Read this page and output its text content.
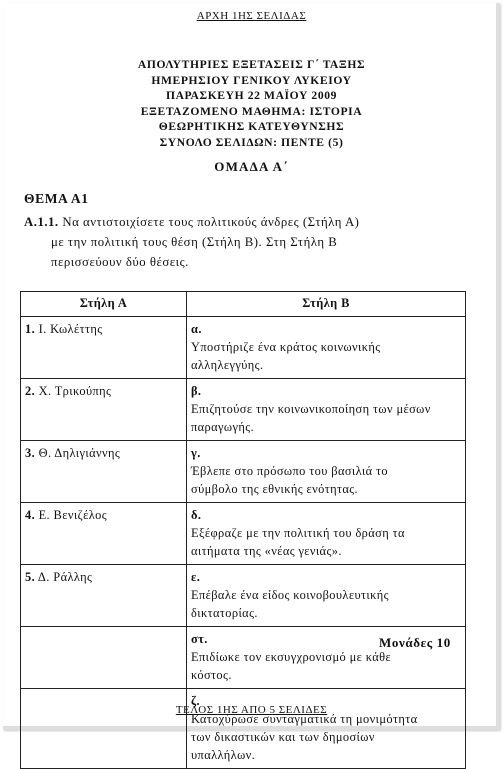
ΑΡΧΗ 1ΗΣ ΣΕΛΙΔΑΣ
ΑΠΟΛΥΤΗΡΙΕΣ ΕΞΕΤΑΣΕΙΣ Γ΄ ΤΑΞΗΣ
ΗΜΕΡΗΣΙΟΥ ΓΕΝΙΚΟΥ ΛΥΚΕΙΟΥ
ΠΑΡΑΣΚΕΥΗ 22 ΜΑΪΟΥ 2009
ΕΞΕΤΑΖΟΜΕΝΟ ΜΑΘΗΜΑ: ΙΣΤΟΡΙΑ
ΘΕΩΡΗΤΙΚΗΣ ΚΑΤΕΥΘΥΝΣΗΣ
ΣΥΝΟΛΟ ΣΕΛΙΔΩΝ: ΠΕΝΤΕ (5)
ΟΜΑΔΑ Α΄
ΘΕΜΑ Α1
Α.1.1. Να αντιστοιχίσετε τους πολιτικούς άνδρες (Στήλη Α)
με την πολιτική τους θέση (Στήλη Β). Στη Στήλη Β
περισσεύουν δύο θέσεις.
Στήλη Α	Στήλη Β
1. Ι. Κωλέττης	α.Υποστήριζε ένα κράτος κοινωνικής αλληλεγγύης.
2. Χ. Τρικούπης	β.Επιζητούσε την κοινωνικοποίηση των μέσων παραγωγής.
3. Θ. Δηλιγιάννης	γ.Έβλεπε στο πρόσωπο του βασιλιά το σύμβολο της εθνικής ενότητας.
4. Ε. Βενιζέλος	δ.Εξέφραζε με την πολιτική του δράση τα αιτήματα της «νέας γενιάς».
5. Δ. Ράλλης	ε.Επέβαλε ένα είδος κοινοβουλευτικής δικτατορίας.
	στ.Επιδίωκε τον εκσυγχρονισμό με κάθε κόστος.
	ζ.Κατοχύρωσε συνταγματικά τη μονιμότητα των δικαστικών και των δημοσίων υπαλλήλων.
Μονάδες 10
ΤΕΛΟΣ 1ΗΣ ΑΠΟ 5 ΣΕΛΙΔΕΣ
